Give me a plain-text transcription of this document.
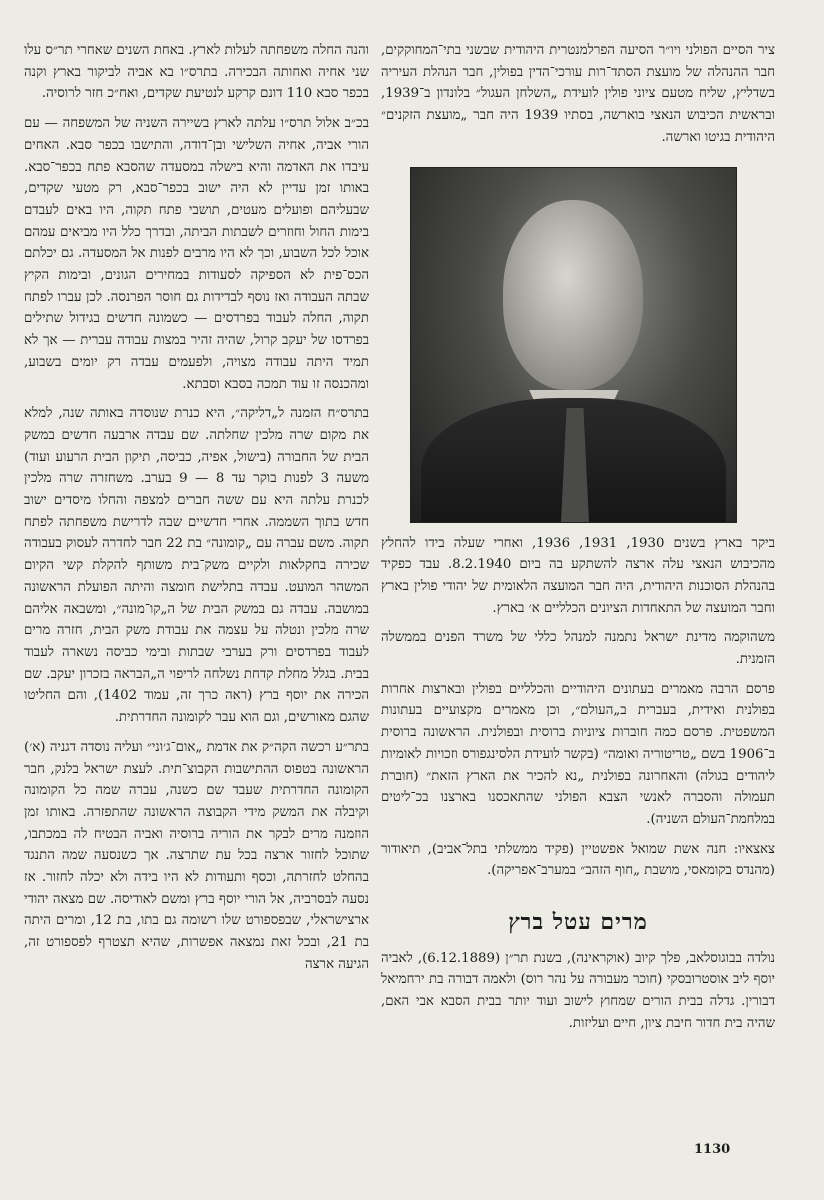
ציר הסיים הפולני ויו״ר הסיעה הפרלמנטרית היהודית שבשני בתי־המחוקקים, חבר ההנהלה של מועצת הסתד־רות עורכי־הדין בפולין, חבר הנהלת העיריה בשדליץ, שליח מטעם ציוני פולין לועידת „השלחן העגול״ בלונדון ב־1939, ובראשית הכיבוש הנאצי בוארשה, בסתיו 1939 היה חבר „מועצת הזקנים״ היהודית בגיטו וארשה.

ביקר בארץ בשנים 1930, 1931, 1936, ואחרי שעלה בידו להחלץ מהכיבוש הנאצי עלה ארצה להשתקע בה ביום 8.2.1940. עבד כפקיד בהנהלת הסוכנות היהודית, היה חבר המועצה הלאומית של יהודי פולין בארץ וחבר המועצה של התאחדות הציונים הכלליים א׳ בארץ.

משהוקמה מדינת ישראל נתמנה למנהל כללי של משרד הפנים בממשלה הזמנית.

פרסם הרבה מאמרים בעתונים היהודיים והכלליים בפולין ובארצות אחרות בפולנית ואידית, בעברית ב„העולם״, וכן מאמרים מקצועיים בעתונות המשפטית. פרסם כמה חוברות ציוניות ברוסית ובפולנית. הראשונה ברוסית ב־1906 בשם „טריטוריה ואומה״ (בקשר לועידת הלסינגפורס וזכויות לאומיות ליהודים בגולה) והאחרונה בפולנית „נא להכיר את הארץ הזאת״ (חוברת תעמולה והסברה לאנשי הצבא הפולני שהתאכסנו בארצנו בכ־ליטים במלחמת־העולם השניה).

צאצאיו: חנה אשת שמואל אפשטיין (פקיד ממשלתי בתל־אביב), תיאודור (מהנדס בקומאסי, מושבת „חוף הזהב״ במערב־אפריקה).

מרים עטל ברץ

נולדה בבוגוסלאב, פלך קיוב (אוקראינה), בשנת תר״ן (6.12.1889), לאביה יוסף ליב אוסטרובסקי (חוכר מעבורה על נהר רוס) ולאמה דבורה בת ירחמיאל דבורין. גדלה בבית הורים שמחוץ לישוב ועוד יותר בבית הסבא אבי האם, שהיה בית חדור חיבת ציון, חיים ועליזות.

והנה החלה משפחתה לעלות לארץ. באחת השנים שאחרי תר״ס עלו שני אחיה ואחותה הבכירה. בתרס״ו בא אביה לביקור בארץ וקנה בכפר סבא 110 דונם קרקע לנטיעת שקדים, ואח״כ חזר לרוסיה.

בכ״ב אלול תרס״ו עלתה לארץ בשיירה השניה של המשפחה — עם הורי אביה, אחיה השלישי ובן־דודה, והתישבו בכפר סבא. האחים עיבדו את האדמה והיא בישלה במסעדה שהסבא פתח בכפר־סבא. באותו זמן עדיין לא היה ישוב בכפר־סבא, רק מטעי שקדים, שבעליהם ופועלים מעטים, תושבי פתח תקוה, היו באים לעבדם בימות החול וחוזרים לשבתות הביתה, ובדרך כלל היו מביאים עמהם אוכל לכל השבוע, וכך לא היו מרבים לפנות אל המסעדה. גם יכלתם הכס־פית לא הספיקה לסעודות במחירים הגונים, ובימות הקיץ שבתה העבודה ואז נוסף לבדידות גם חוסר הפרנסה. לכן עברו לפתח תקוה, החלה לעבוד בפרדסים — כשמונה חדשים בגידול שתילים בפרדסו של יעקב קרול, שהיה זהיר במצות עבודה עברית — אך לא תמיד היתה עבודה מצויה, ולפעמים עבדה רק יומים בשבוע, ומהכנסה זו עוד תמכה בסבא וסבתא.

בתרס״ח הזמנה ל„דליקה״, היא כנרת שנוסדה באותה שנה, למלא את מקום שרה מלכין שחלתה. שם עבדה ארבעה חדשים במשק הבית של החבורה (בישול, אפיה, כביסה, תיקון הבית הרעוע ועוד) משעה 3 לפנות בוקר עד 8 — 9 בערב. משחזרה שרה מלכין לכנרת עלתה היא עם ששה חברים למצפה והחלו מיסדים ישוב חדש בתוך השממה. אחרי חדשיים שבה לדרישת משפחתה לפתח תקוה. משם עברה עם „קומונה״ בת 22 חבר לחדרה לעסוק בעבודה שכירה בחקלאות ולקיים משק־בית משותף להקלת קשי הקיום המשהר המועט. עבדה בתלישת חומצה והיתה הפועלת הראשונה במושבה. עבדה גם במשק הבית של ה„קו־מונה״, ומשבאה אליהם שרה מלכין ונטלה על עצמה את עבודת משק הבית, חזרה מרים לעבוד בפרדסים ורק בערבי שבתות ובימי כביסה נשארה לעבוד בבית. בגלל מחלת קדחת נשלחה לריפוי ה„הבראה בזכרון יעקב. שם הכירה את יוסף ברץ (ראה כרך זה, עמוד 1402), והם החליטו שהגם מאורשים, וגם הוא עבר לקומונה החדרתית.

בתר״ע רכשה הקה״ק את אדמת „אום־ג׳וני״ ועליה נוסדה דגניה (א׳) הראשונה בטפוס ההתישבות הקבוצ־תית. לעצת ישראל בלנק, חבר הקומונה החדרתית שעבד שם כשנה, עברה שמה כל הקומונה וקיבלה את המשק מידי הקבוצה הראשונה שהתפזרה. באותו זמן הוזמנה מרים לבקר את הוריה ברוסיה ואביה הבטיח לה במכתבו, שתוכל לחזור ארצה בכל עת שתרצה. אך כשנסעה שמה התנגד בהחלט לחזרתה, וכסף ותעודות לא היו בידה ולא יכלה לחזור. אז נסעה לבסרביה, אל הורי יוסף ברץ ומשם לאודיסה. שם מצאה יהודי ארצישראלי, שבפספורט שלו רשומה גם בתו, בת 12, ומרים היתה בת 21, ובכל זאת נמצאה אפשרות, שהיא תצטרף לפספורט זה, הגיעה ארצה

1130
